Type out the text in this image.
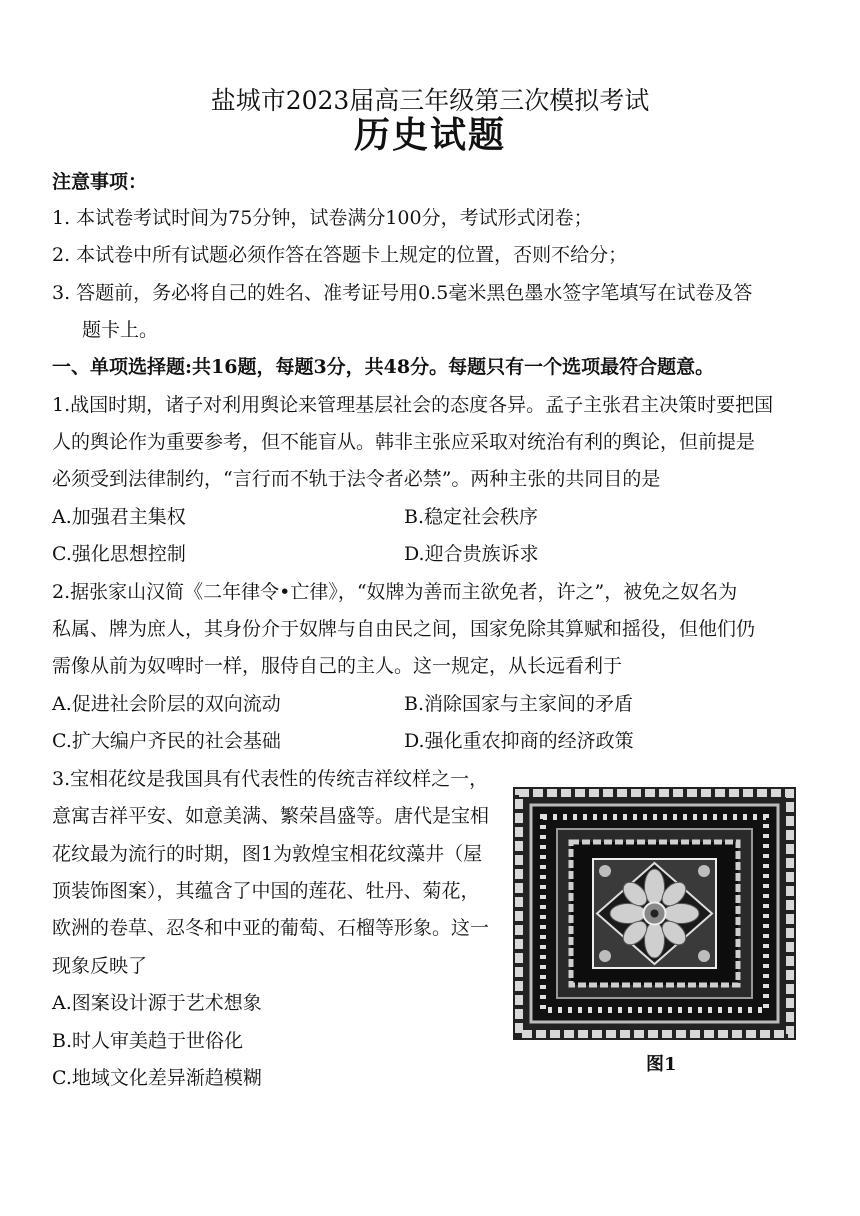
盐城市2023届高三年级第三次模拟考试
历史试题
注意事项：
1. 本试卷考试时间为75分钟，试卷满分100分，考试形式闭卷；
2. 本试卷中所有试题必须作答在答题卡上规定的位置，否则不给分；
3. 答题前，务必将自己的姓名、准考证号用0.5毫米黑色墨水签字笔填写在试卷及答
题卡上。
一、单项选择题:共16题，每题3分，共48分。每题只有一个选项最符合题意。
1.战国时期，诸子对利用舆论来管理基层社会的态度各异。孟子主张君主决策时要把国
人的舆论作为重要参考，但不能盲从。韩非主张应采取对统治有利的舆论，但前提是
必须受到法律制约，“言行而不轨于法令者必禁”。两种主张的共同目的是
A.加强君主集权	B.稳定社会秩序
C.强化思想控制	D.迎合贵族诉求
2.据张家山汉简《二年律令•亡律》，“奴牌为善而主欲免者，许之”，被免之奴名为
私属、牌为庶人，其身份介于奴牌与自由民之间，国家免除其算赋和摇役，但他们仍
需像从前为奴啤时一样，服侍自己的主人。这一规定，从长远看利于
A.促进社会阶层的双向流动	B.消除国家与主家间的矛盾
C.扩大编户齐民的社会基础	D.强化重农抑商的经济政策
3.宝相花纹是我国具有代表性的传统吉祥纹样之一，
意寓吉祥平安、如意美满、繁荣昌盛等。唐代是宝相
花纹最为流行的时期，图1为敦煌宝相花纹藻井（屋
顶装饰图案），其蕴含了中国的莲花、牡丹、菊花，
欧洲的卷草、忍冬和中亚的葡萄、石榴等形象。这一
现象反映了
A.图案设计源于艺术想象
B.时人审美趋于世俗化
C.地域文化差异渐趋模糊
图1
